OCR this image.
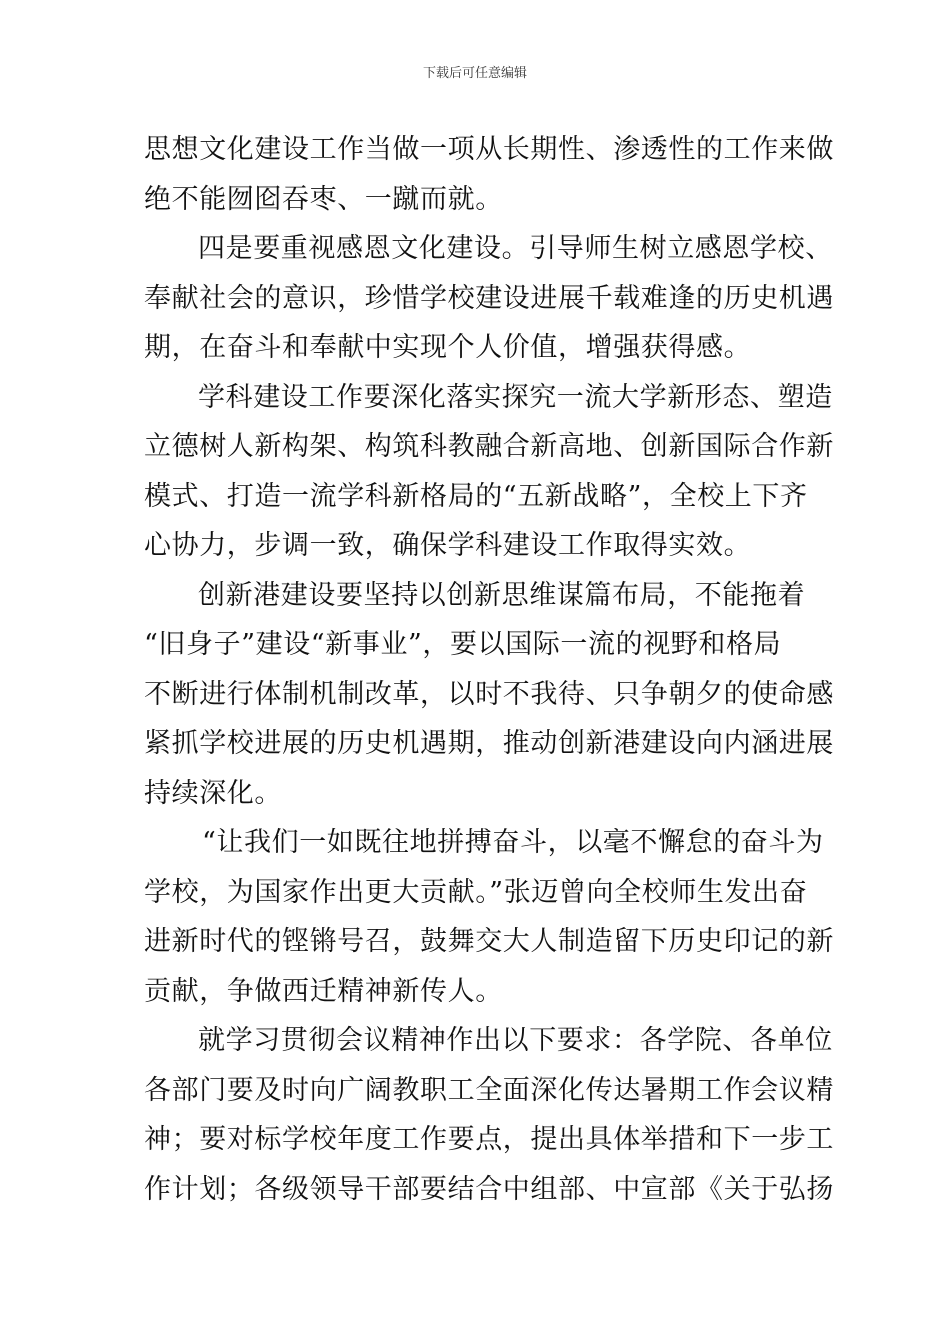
下载后可任意编辑
思想文化建设工作当做一项从长期性、渗透性的工作来做
绝不能囫囵吞枣、一蹴而就。
四是要重视感恩文化建设。引导师生树立感恩学校、
奉献社会的意识，珍惜学校建设进展千载难逢的历史机遇
期，在奋斗和奉献中实现个人价值，增强获得感。
学科建设工作要深化落实探究一流大学新形态、塑造
立德树人新构架、构筑科教融合新高地、创新国际合作新
模式、打造一流学科新格局的“五新战略”，全校上下齐
心协力，步调一致，确保学科建设工作取得实效。
创新港建设要坚持以创新思维谋篇布局，不能拖着
“旧身子”建设“新事业”，要以国际一流的视野和格局
不断进行体制机制改革，以时不我待、只争朝夕的使命感
紧抓学校进展的历史机遇期，推动创新港建设向内涵进展
持续深化。
“让我们一如既往地拼搏奋斗，以毫不懈怠的奋斗为
学校，为国家作出更大贡献。”张迈曾向全校师生发出奋
进新时代的铿锵号召，鼓舞交大人制造留下历史印记的新
贡献，争做西迁精神新传人。
就学习贯彻会议精神作出以下要求：各学院、各单位
各部门要及时向广阔教职工全面深化传达暑期工作会议精
神；要对标学校年度工作要点，提出具体举措和下一步工
作计划；各级领导干部要结合中组部、中宣部《关于弘扬
